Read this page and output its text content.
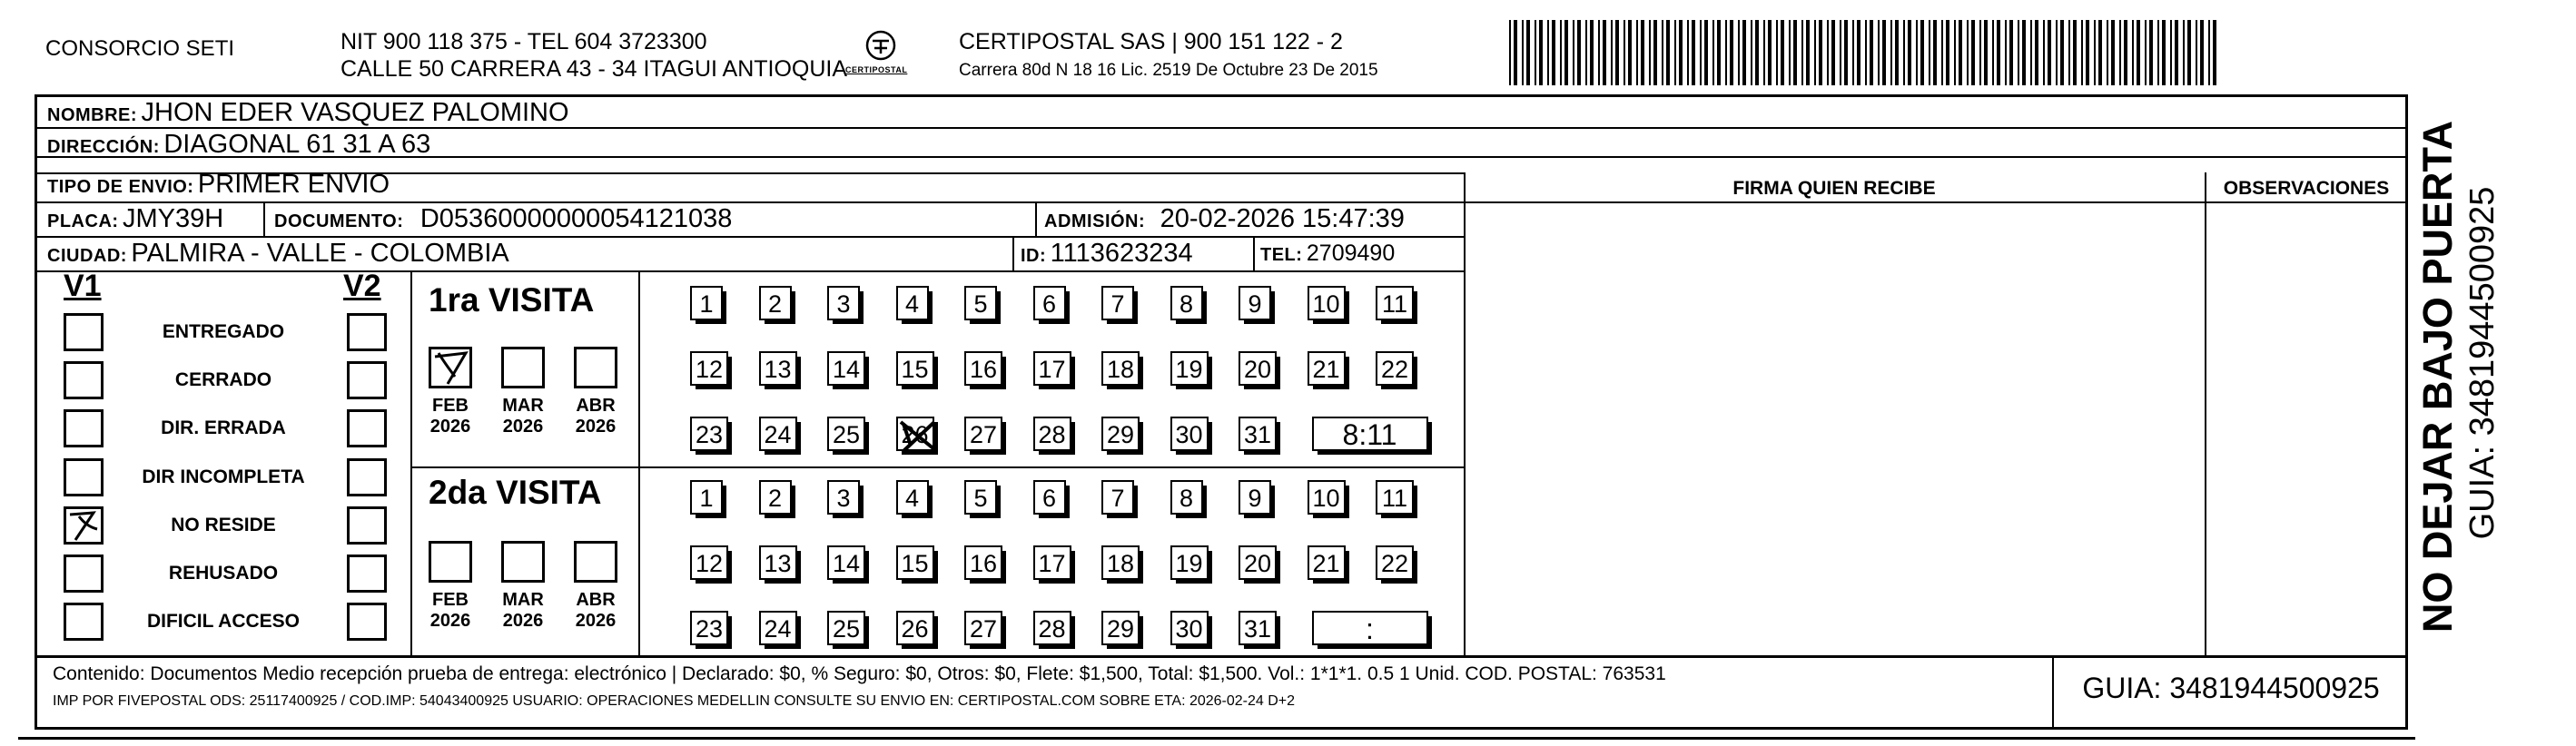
CONSORCIO SETI	NIT 900 118 375 - TEL 604 3723300
CALLE 50 CARRERA 43 - 34 ITAGUI ANTIOQUIA
CERTIPOSTAL
CERTIPOSTAL SAS | 900 151 122 - 2
Carrera 80d N 18 16 Lic. 2519 De Octubre 23 De 2015
NOMBRE: JHON EDER VASQUEZ PALOMINO
DIRECCIÓN: DIAGONAL 61 31 A 63
TIPO DE ENVIO: PRIMER ENVIO
PLACA: JMY39H	DOCUMENTO: D05360000000054121038	ADMISIÓN: 20-02-2026 15:47:39
CIUDAD: PALMIRA - VALLE - COLOMBIA	ID: 1113623234	TEL: 2709490
FIRMA QUIEN RECIBE	OBSERVACIONES
V1	V2
ENTREGADO
CERRADO
DIR. ERRADA
DIR INCOMPLETA
NO RESIDE
REHUSADO
DIFICIL ACCESO
1ra VISITA
FEB
2026
MAR
2026
ABR
2026
1	2	3	4	5	6	7	8	9	10 11
12 13 14 15 16 17 18 19 20 21 22
23 24 25 26 27 28 29 30 31	8:11
2da VISITA
FEB
2026
MAR
2026
ABR
2026
1	2	3	4	5	6	7	8	9	10 11
12 13 14 15 16 17 18 19 20 21 22
23 24 25 26 27 28 29 30 31	:
Contenido: Documentos Medio recepción prueba de entrega: electrónico | Declarado: $0, % Seguro: $0, Otros: $0, Flete: $1,500, Total: $1,500. Vol.: 1*1*1. 0.5 1 Unid. COD. POSTAL: 763531
IMP POR FIVEPOSTAL ODS: 25117400925 / COD.IMP: 54043400925 USUARIO: OPERACIONES MEDELLIN CONSULTE SU ENVIO EN: CERTIPOSTAL.COM SOBRE ETA: 2026-02-24 D+2	GUIA: 3481944500925
NO DEJAR BAJO PUERTA GUIA: 3481944500925
